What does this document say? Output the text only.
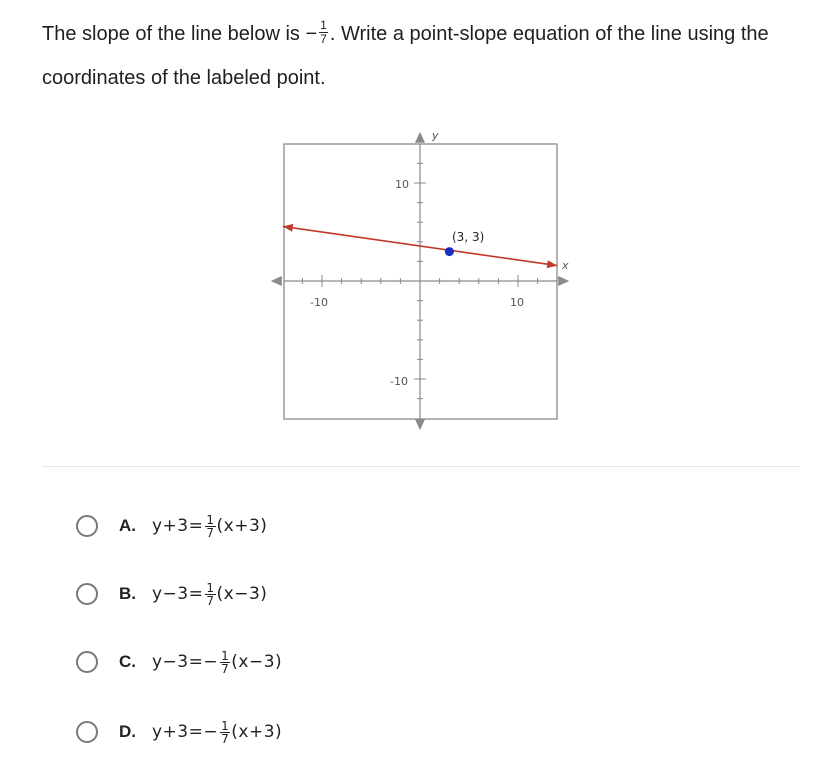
The slope of the line below is − $\frac{1}{7}$ . Write a point-slope equation of the line using the coordinates of the labeled point.
x
y
-10	10
10
-10
(3, 3)
A. $y+3= \frac{1}{7} (x+3)$
B. $y-3= \frac{1}{7} (x-3)$
C. $y-3= - \frac{1}{7} (x-3)$
D. $y+3= - \frac{1}{7} (x+3)$
